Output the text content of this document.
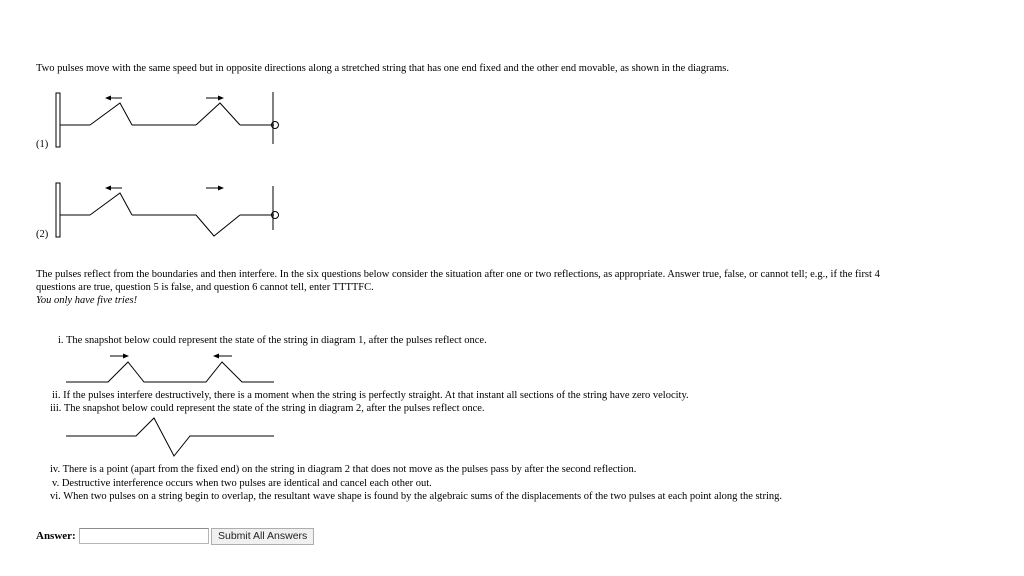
Two pulses move with the same speed but in opposite directions along a stretched string that has one end fixed and the other end movable, as shown in the diagrams.
(1)
(2)
The pulses reflect from the boundaries and then interfere. In the six questions below consider the situation after one or two reflections, as appropriate. Answer true, false, or cannot tell; e.g., if the first 4
questions are true, question 5 is false, and question 6 cannot tell, enter TTTTFC.
You only have five tries!
i. The snapshot below could represent the state of the string in diagram 1, after the pulses reflect once.
ii. If the pulses interfere destructively, there is a moment when the string is perfectly straight. At that instant all sections of the string have zero velocity.
iii. The snapshot below could represent the state of the string in diagram 2, after the pulses reflect once.
iv. There is a point (apart from the fixed end) on the string in diagram 2 that does not move as the pulses pass by after the second reflection.
v. Destructive interference occurs when two pulses are identical and cancel each other out.
vi. When two pulses on a string begin to overlap, the resultant wave shape is found by the algebraic sums of the displacements of the two pulses at each point along the string.
Answer:	Submit All Answers
